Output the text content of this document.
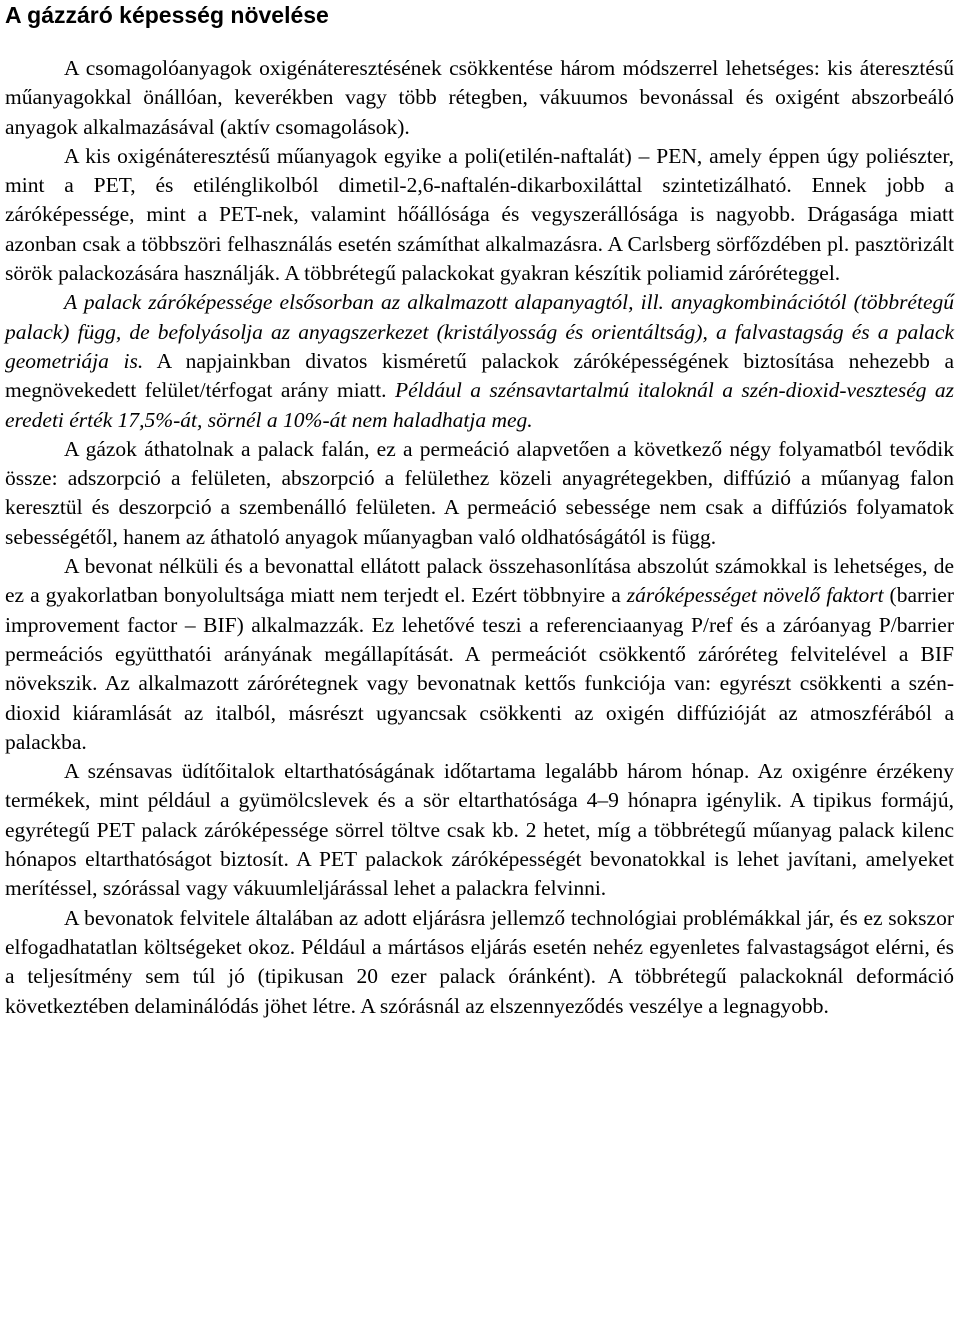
A gázzáró képesség növelése

A csomagolóanyagok oxigénáteresztésének csökkentése három módszerrel lehetséges: kis áteresztésű műanyagokkal önállóan, keverékben vagy több rétegben, vákuumos bevonással és oxigént abszorbeáló anyagok alkalmazásával (aktív csomagolások).

A kis oxigénáteresztésű műanyagok egyike a poli(etilén-naftalát) – PEN, amely éppen úgy poliészter, mint a PET, és etilénglikolból dimetil-2,6-naftalén-dikarboxiláttal szintetizálható. Ennek jobb a záróképessége, mint a PET-nek, valamint hőállósága és vegyszerállósága is nagyobb. Drágasága miatt azonban csak a többszöri felhasználás esetén számíthat alkalmazásra. A Carlsberg sörfőzdében pl. pasztörizált sörök palackozására használják. A többrétegű palackokat gyakran készítik poliamid záróréteggel.

A palack záróképessége elsősorban az alkalmazott alapanyagtól, ill. anyagkombinációtól (többrétegű palack) függ, de befolyásolja az anyagszerkezet (kristályosság és orientáltság), a falvastagság és a palack geometriája is. A napjainkban divatos kisméretű palackok záróképességének biztosítása nehezebb a megnövekedett felület/térfogat arány miatt. Például a szénsavtartalmú italoknál a szén-dioxid-veszteség az eredeti érték 17,5%-át, sörnél a 10%-át nem haladhatja meg.

A gázok áthatolnak a palack falán, ez a permeáció alapvetően a következő négy folyamatból tevődik össze: adszorpció a felületen, abszorpció a felülethez közeli anyagrétegekben, diffúzió a műanyag falon keresztül és deszorpció a szembenálló felületen. A permeáció sebessége nem csak a diffúziós folyamatok sebességétől, hanem az áthatoló anyagok műanyagban való oldhatóságától is függ.

A bevonat nélküli és a bevonattal ellátott palack összehasonlítása abszolút számokkal is lehetséges, de ez a gyakorlatban bonyolultsága miatt nem terjedt el. Ezért többnyire a záróképességet növelő faktort (barrier improvement factor – BIF) alkalmazzák. Ez lehetővé teszi a referenciaanyag P/ref és a záróanyag P/barrier permeációs együtthatói arányának megállapítását. A permeációt csökkentő záróréteg felvitelével a BIF növekszik. Az alkalmazott zárórétegnek vagy bevonatnak kettős funkciója van: egyrészt csökkenti a szén-dioxid kiáramlását az italból, másrészt ugyancsak csökkenti az oxigén diffúzióját az atmoszférából a palackba.

A szénsavas üdítőitalok eltarthatóságának időtartama legalább három hónap. Az oxigénre érzékeny termékek, mint például a gyümölcslevek és a sör eltarthatósága 4–9 hónapra igénylik. A tipikus formájú, egyrétegű PET palack záróképessége sörrel töltve csak kb. 2 hetet, míg a többrétegű műanyag palack kilenc hónapos eltarthatóságot biztosít. A PET palackok záróképességét bevonatokkal is lehet javítani, amelyeket merítéssel, szórással vagy vákuumleljárással lehet a palackra felvinni.

A bevonatok felvitele általában az adott eljárásra jellemző technológiai problémákkal jár, és ez sokszor elfogadhatatlan költségeket okoz. Például a mártásos eljárás esetén nehéz egyenletes falvastagságot elérni, és a teljesítmény sem túl jó (tipikusan 20 ezer palack óránként). A többrétegű palackoknál deformáció következtében delaminálódás jöhet létre. A szórásnál az elszennyeződés veszélye a legnagyobb.
